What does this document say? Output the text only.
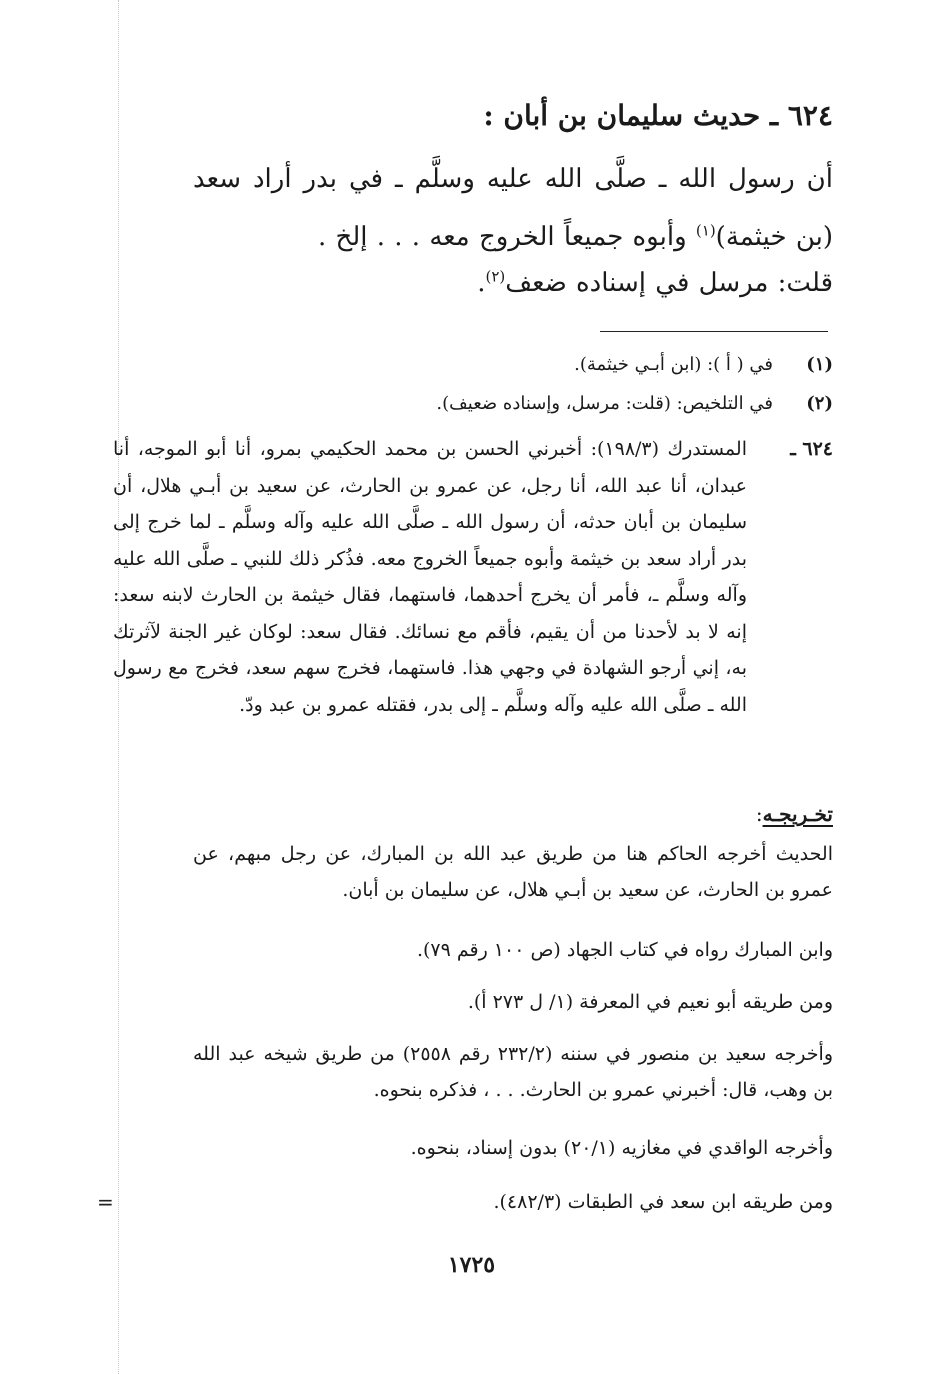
=
٦٢٤ ـ حديث سليمان بن أبان :
أن رسول الله ـ صلَّى الله عليه وسلَّم ـ في بدر أراد سعد (بن خيثمة)$^{(١)}$ وأبوه جميعاً الخروج معه . . . إلخ .
قلت: مرسل في إسناده ضعف$^{(٢)}$.
(١)
في ( أ ): (ابن أبـي خيثمة).
(٢)
في التلخيص: (قلت: مرسل، وإسناده ضعيف).
٦٢٤ ـ
المستدرك (١٩٨/٣): أخبرني الحسن بن محمد الحكيمي بمرو، أنا أبو الموجه، أنا عبدان، أنا عبد الله، أنا رجل، عن عمرو بن الحارث، عن سعيد بن أبـي هلال، أن سليمان بن أبان حدثه، أن رسول الله ـ صلَّى الله عليه وآله وسلَّم ـ لما خرج إلى بدر أراد سعد بن خيثمة وأبوه جميعاً الخروج معه. فذُكر ذلك للنبي ـ صلَّى الله عليه وآله وسلَّم ـ، فأمر أن يخرج أحدهما، فاستهما، فقال خيثمة بن الحارث لابنه سعد: إنه لا بد لأحدنا من أن يقيم، فأقم مع نسائك. فقال سعد: لوكان غير الجنة لآثرتك به، إني أرجو الشهادة في وجهي هذا. فاستهما، فخرج سهم سعد، فخرج مع رسول الله ـ صلَّى الله عليه وآله وسلَّم ـ إلى بدر، فقتله عمرو بن عبد ودّ.
تخـريجـه:
الحديث أخرجه الحاكم هنا من طريق عبد الله بن المبارك، عن رجل مبهم، عن عمرو بن الحارث، عن سعيد بن أبـي هلال، عن سليمان بن أبان.
وابن المبارك رواه في كتاب الجهاد (ص ١٠٠ رقم ٧٩).
ومن طريقه أبو نعيم في المعرفة (١/ ل ٢٧٣ أ).
وأخرجه سعيد بن منصور في سننه (٢٣٢/٢ رقم ٢٥٥٨) من طريق شيخه عبد الله بن وهب، قال: أخبرني عمرو بن الحارث. . . ، فذكره بنحوه.
وأخرجه الواقدي في مغازيه (٢٠/١) بدون إسناد، بنحوه.
ومن طريقه ابن سعد في الطبقات (٤٨٢/٣).
١٧٢٥
